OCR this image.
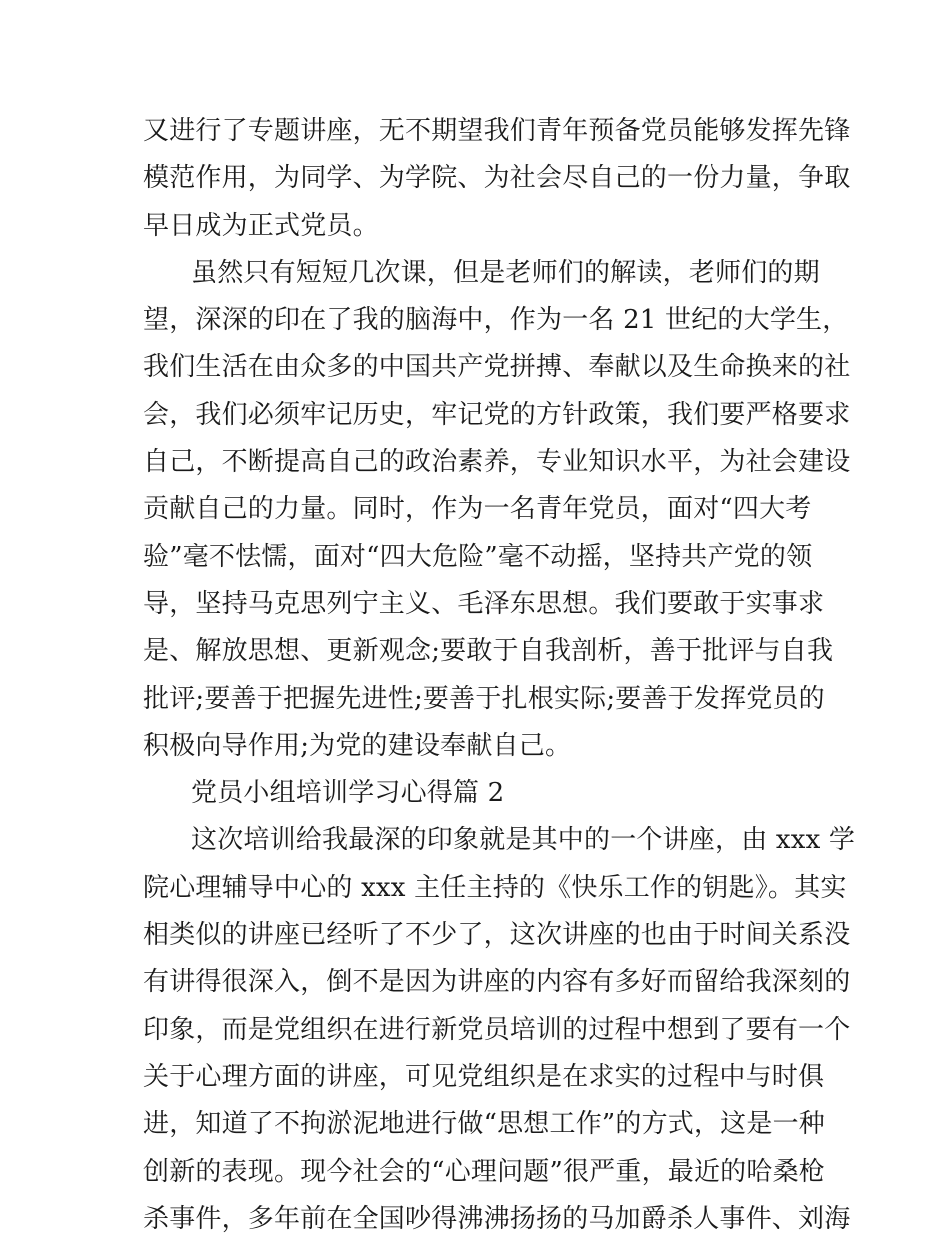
又进行了专题讲座，无不期望我们青年预备党员能够发挥先锋
模范作用，为同学、为学院、为社会尽自己的一份力量，争取
早日成为正式党员。
虽然只有短短几次课，但是老师们的解读，老师们的期
望，深深的印在了我的脑海中，作为一名 21 世纪的大学生，
我们生活在由众多的中国共产党拼搏、奉献以及生命换来的社
会，我们必须牢记历史，牢记党的方针政策，我们要严格要求
自己，不断提高自己的政治素养，专业知识水平，为社会建设
贡献自己的力量。同时，作为一名青年党员，面对“四大考
验”毫不怯懦，面对“四大危险”毫不动摇，坚持共产党的领
导，坚持马克思列宁主义、毛泽东思想。我们要敢于实事求
是、解放思想、更新观念;要敢于自我剖析，善于批评与自我
批评;要善于把握先进性;要善于扎根实际;要善于发挥党员的
积极向导作用;为党的建设奉献自己。
党员小组培训学习心得篇 2
这次培训给我最深的印象就是其中的一个讲座，由 xxx 学
院心理辅导中心的 xxx 主任主持的《快乐工作的钥匙》。其实
相类似的讲座已经听了不少了，这次讲座的也由于时间关系没
有讲得很深入，倒不是因为讲座的内容有多好而留给我深刻的
印象，而是党组织在进行新党员培训的过程中想到了要有一个
关于心理方面的讲座，可见党组织是在求实的过程中与时俱
进，知道了不拘淤泥地进行做“思想工作”的方式，这是一种
创新的表现。现今社会的“心理问题”很严重，最近的哈桑枪
杀事件，多年前在全国吵得沸沸扬扬的马加爵杀人事件、刘海
